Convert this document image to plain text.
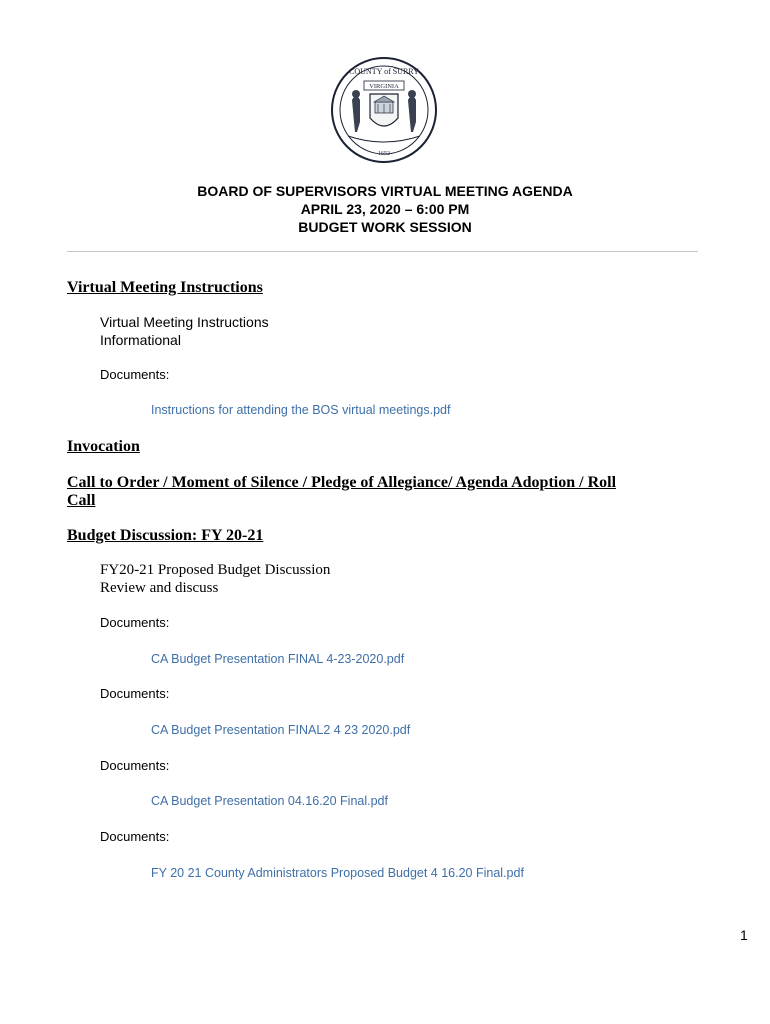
COUNTY of SURRY
VIRGINIA
1652
BOARD OF SUPERVISORS VIRTUAL MEETING AGENDA
APRIL 23, 2020 – 6:00 PM
BUDGET WORK SESSION
Virtual Meeting Instructions
Virtual Meeting Instructions
Informational
Documents:
Instructions for attending the BOS virtual meetings.pdf
Invocation
Call to Order / Moment of Silence / Pledge of Allegiance/ Agenda Adoption / Roll
Call
Budget Discussion: FY 20-21
FY20-21 Proposed Budget Discussion
Review and discuss
Documents:
CA Budget Presentation FINAL 4-23-2020.pdf
Documents:
CA Budget Presentation FINAL2 4 23 2020.pdf
Documents:
CA Budget Presentation 04.16.20 Final.pdf
Documents:
FY 20 21 County Administrators Proposed Budget 4 16.20 Final.pdf
1
